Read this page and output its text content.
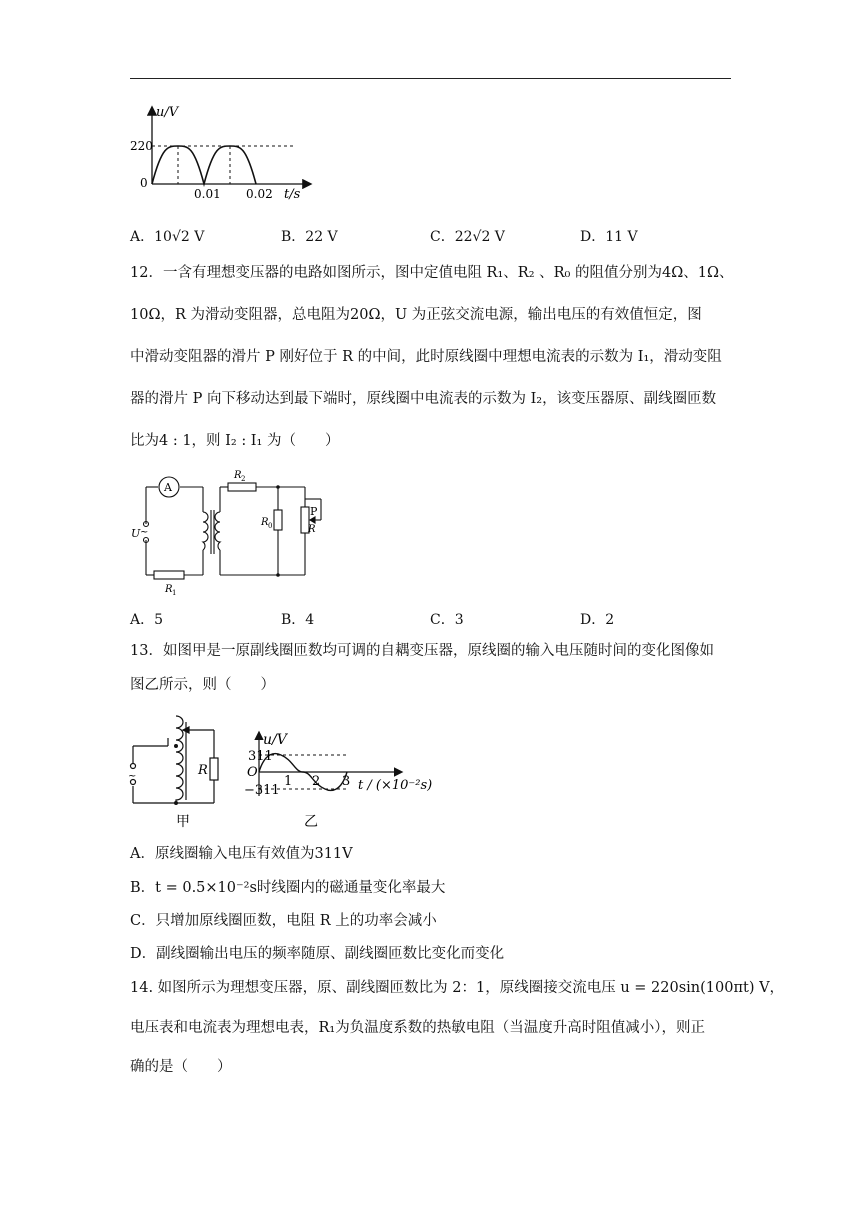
u/V
220
0
0.01 0.02 t/s
A．10√2 V	B．22 V	C．22√2 V	D．11 V
12．一含有理想变压器的电路如图所示，图中定值电阻 R₁、R₂ 、R₀ 的阻值分别为4Ω、1Ω、
10Ω，R 为滑动变阻器，总电阻为20Ω，U 为正弦交流电源，输出电压的有效值恒定，图
中滑动变阻器的滑片 P 刚好位于 R 的中间，此时原线圈中理想电流表的示数为 I₁，滑动变阻
器的滑片 P 向下移动达到最下端时，原线圈中电流表的示数为 I₂，该变压器原、副线圈匝数
比为4 : 1，则 I₂ : I₁ 为（　　）
A
U ~
R 1
R 2
R 0
P
R
A．5	B．4	C．3	D．2
13．如图甲是一原副线圈匝数均可调的自耦变压器，原线圈的输入电压随时间的变化图像如
图乙所示，则（　　）
~	R
甲
u/V
311
−311
O
1 2 3 t / (×10⁻²s)
乙
A．原线圈输入电压有效值为311V
B．t = 0.5×10⁻²s时线圈内的磁通量变化率最大
C．只增加原线圈匝数，电阻 R 上的功率会减小
D．副线圈输出电压的频率随原、副线圈匝数比变化而变化
14. 如图所示为理想变压器，原、副线圈匝数比为 2：1，原线圈接交流电压 u = 220sin(100πt) V，
电压表和电流表为理想电表，R₁为负温度系数的热敏电阻（当温度升高时阻值减小），则正
确的是（　　）
